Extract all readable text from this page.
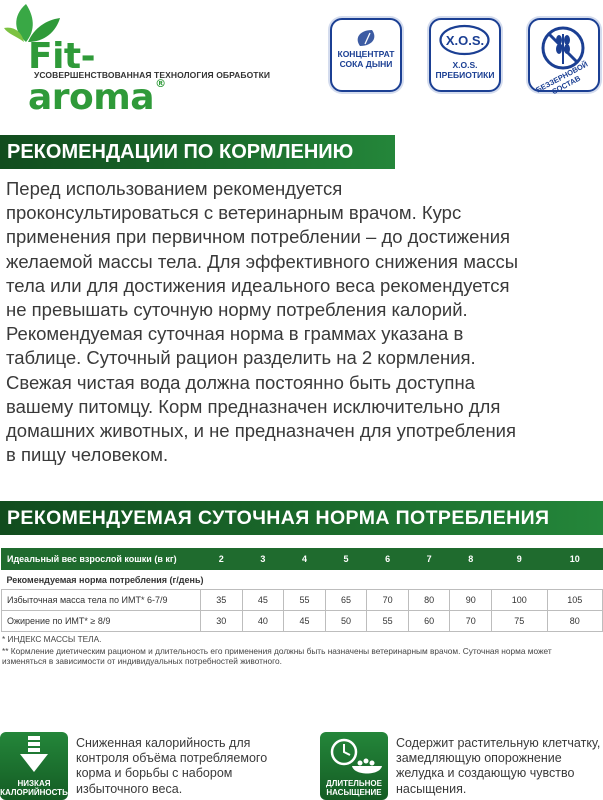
Fit-aroma®
УСОВЕРШЕНСТВОВАННАЯ ТЕХНОЛОГИЯ ОБРАБОТКИ
КОНЦЕНТРАТ
СОКА ДЫНИ
X.O.S.
X.O.S.
ПРЕБИОТИКИ	БЕЗЗЕРНОВОЙ СОСТАВ
РЕКОМЕНДАЦИИ ПО КОРМЛЕНИЮ
Перед использованием рекомендуется
проконсультироваться с ветеринарным врачом. Курс
применения при первичном потреблении – до достижения
желаемой массы тела. Для эффективного снижения массы
тела или для достижения идеального веса рекомендуется
не превышать суточную норму потребления калорий.
Рекомендуемая суточная норма в граммах указана в
таблице. Суточный рацион разделить на 2 кормления.
Свежая чистая вода должна постоянно быть доступна
вашему питомцу. Корм предназначен исключительно для
домашних животных, и не предназначен для употребления
в пищу человеком.
РЕКОМЕНДУЕМАЯ СУТОЧНАЯ НОРМА ПОТРЕБЛЕНИЯ
Идеальный вес взрослой кошки (в кг)	2	3	4	5	6	7	8	9	10
Рекомендуемая норма потребления (г/день)									
Избыточная масса тела по ИМТ* 6-7/9	35	45	55	65	70	80	90	100	105
Ожирение по ИМТ* ≥ 8/9	30	40	45	50	55	60	70	75	80
* ИНДЕКС МАССЫ ТЕЛА.
** Кормление диетическим рационом и длительность его применения должны быть назначены ветеринарным врачом. Суточная норма может
изменяться в зависимости от индивидуальных потребностей животного.
НИЗКАЯ
КАЛОРИЙНОСТЬ
Сниженная калорийность для контроля объёма потребляемого корма и борьбы с набором избыточного веса.	ДЛИТЕЛЬНОЕ
НАСЫЩЕНИЕ
Содержит растительную клетчатку, замедляющую опорожнение желудка и создающую чувство насыщения.
